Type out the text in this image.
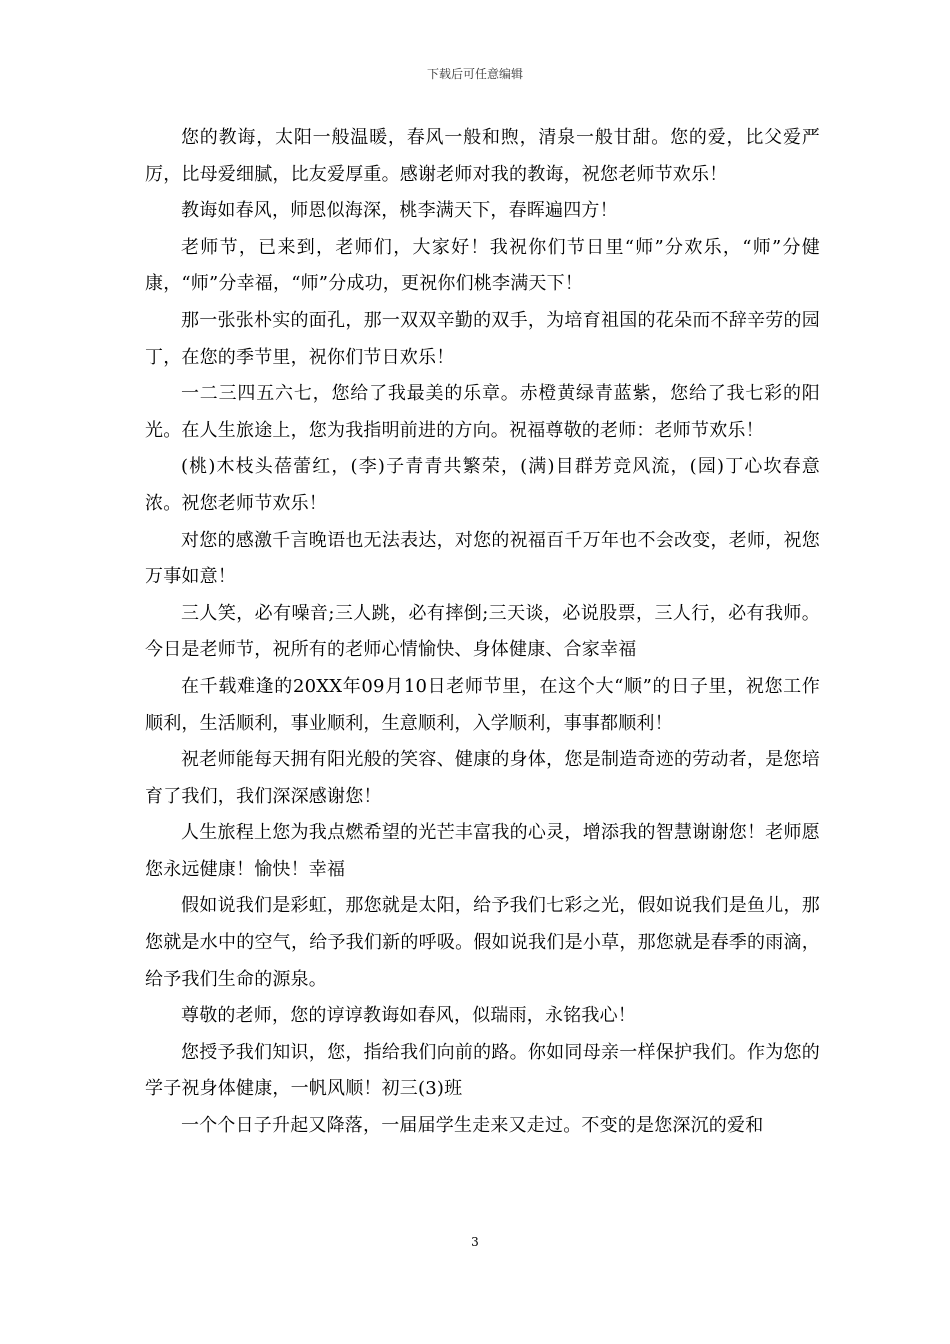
下载后可任意编辑

您的教诲，太阳一般温暖，春风一般和煦，清泉一般甘甜。您的爱，比父爱严厉，比母爱细腻，比友爱厚重。感谢老师对我的教诲，祝您老师节欢乐！

教诲如春风，师恩似海深，桃李满天下，春晖遍四方！

老师节，已来到，老师们，大家好！我祝你们节日里“师”分欢乐，“师”分健康，“师”分幸福，“师”分成功，更祝你们桃李满天下！

那一张张朴实的面孔，那一双双辛勤的双手，为培育祖国的花朵而不辞辛劳的园丁，在您的季节里，祝你们节日欢乐！

一二三四五六七，您给了我最美的乐章。赤橙黄绿青蓝紫，您给了我七彩的阳光。在人生旅途上，您为我指明前进的方向。祝福尊敬的老师：老师节欢乐！

(桃)木枝头蓓蕾红，(李)子青青共繁荣，(满)目群芳竞风流，(园)丁心坎春意浓。祝您老师节欢乐！

对您的感激千言晚语也无法表达，对您的祝福百千万年也不会改变，老师，祝您万事如意！

三人笑，必有噪音;三人跳，必有摔倒;三天谈，必说股票，三人行，必有我师。今日是老师节，祝所有的老师心情愉快、身体健康、合家幸福

在千载难逢的20XX年09月10日老师节里，在这个大“顺”的日子里，祝您工作顺利，生活顺利，事业顺利，生意顺利，入学顺利，事事都顺利！

祝老师能每天拥有阳光般的笑容、健康的身体，您是制造奇迹的劳动者，是您培育了我们，我们深深感谢您！

人生旅程上您为我点燃希望的光芒丰富我的心灵，增添我的智慧谢谢您！老师愿您永远健康！愉快！幸福

假如说我们是彩虹，那您就是太阳，给予我们七彩之光，假如说我们是鱼儿，那您就是水中的空气，给予我们新的呼吸。假如说我们是小草，那您就是春季的雨滴，给予我们生命的源泉。

尊敬的老师，您的谆谆教诲如春风，似瑞雨，永铭我心！

您授予我们知识，您，指给我们向前的路。你如同母亲一样保护我们。作为您的学子祝身体健康，一帆风顺！初三(3)班

一个个日子升起又降落，一届届学生走来又走过。不变的是您深沉的爱和

3
